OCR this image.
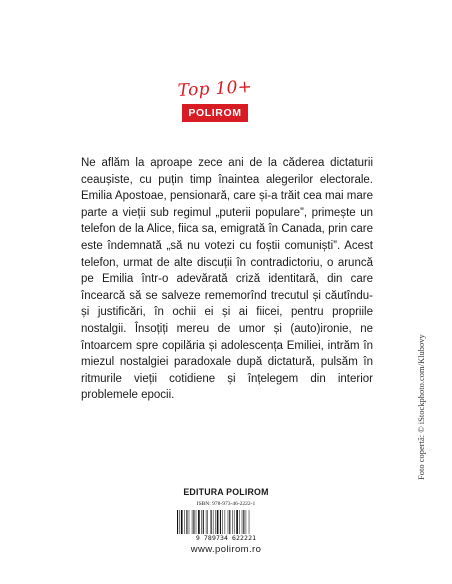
Top 10+
POLIROM

Ne aflăm la aproape zece ani de la căderea dictaturii ceaușiste, cu puțin timp înaintea alegerilor electorale. Emilia Apostoae, pensionară, care și-a trăit cea mai mare parte a vieții sub regimul „puterii populare”, primește un telefon de la Alice, fiica sa, emigrată în Canada, prin care este îndemnată „să nu votezi cu foștii comuniști”. Acest telefon, urmat de alte discuții în contradictoriu, o aruncă pe Emilia într-o adevărată criză identitară, din care încearcă să se salveze rememorînd trecutul și căutîndu-și justificări, în ochii ei și ai fiicei, pentru propriile nostalgii. Însoțiți mereu de umor și (auto)ironie, ne întoarcem spre copilăria și adolescența Emiliei, intrăm în miezul nostalgiei paradoxale după dictatură, pulsăm în ritmurile vieții cotidiene și înțelegem din interior problemele epocii.	Foto copertă: © iStockphoto.com/Klubovy
EDITURA POLIROM
ISBN: 978-973-46-2222-1
9 789734 622221
www.polirom.ro
